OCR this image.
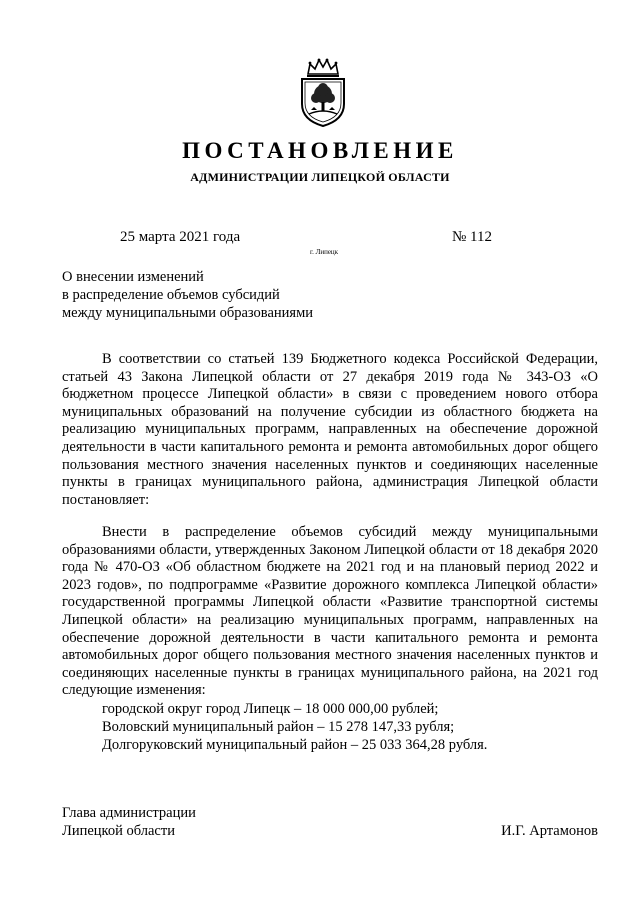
ПОСТАНОВЛЕНИЕ
АДМИНИСТРАЦИИ ЛИПЕЦКОЙ ОБЛАСТИ
25 марта 2021 года
г. Липецк
№ 112
О внесении изменений
в распределение объемов субсидий
между муниципальными образованиями
В соответствии со статьей 139 Бюджетного кодекса Российской Федерации, статьей 43 Закона Липецкой области от 27 декабря 2019 года № 343-ОЗ «О бюджетном процессе Липецкой области» в связи с проведением нового отбора муниципальных образований на получение субсидии из областного бюджета на реализацию муниципальных программ, направленных на обеспечение дорожной деятельности в части капитального ремонта и ремонта автомобильных дорог общего пользования местного значения населенных пунктов и соединяющих населенные пункты в границах муниципального района, администрация Липецкой области постановляет:
Внести в распределение объемов субсидий между муниципальными образованиями области, утвержденных Законом Липецкой области от 18 декабря 2020 года № 470-ОЗ «Об областном бюджете на 2021 год и на плановый период 2022 и 2023 годов», по подпрограмме «Развитие дорожного комплекса Липецкой области» государственной программы Липецкой области «Развитие транспортной системы Липецкой области» на реализацию муниципальных программ, направленных на обеспечение дорожной деятельности в части капитального ремонта и ремонта автомобильных дорог общего пользования местного значения населенных пунктов и соединяющих населенные пункты в границах муниципального района, на 2021 год следующие изменения:
городской округ город Липецк – 18 000 000,00 рублей;
Воловский муниципальный район – 15 278 147,33 рубля;
Долгоруковский муниципальный район – 25 033 364,28 рубля.
Глава администрации
Липецкой области	И.Г. Артамонов
